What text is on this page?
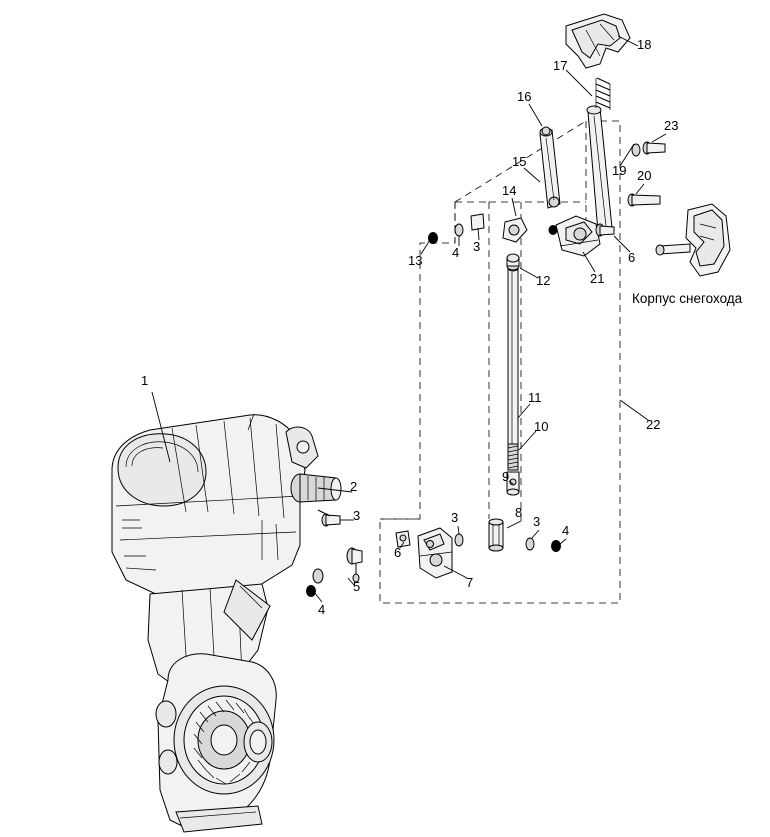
1
2
3
4
5
6
3
7
8
3
4
9
10
11
22
13
4 3
12	21
6
14
15
16
17
18
19 20
23
Корпус снегохода
